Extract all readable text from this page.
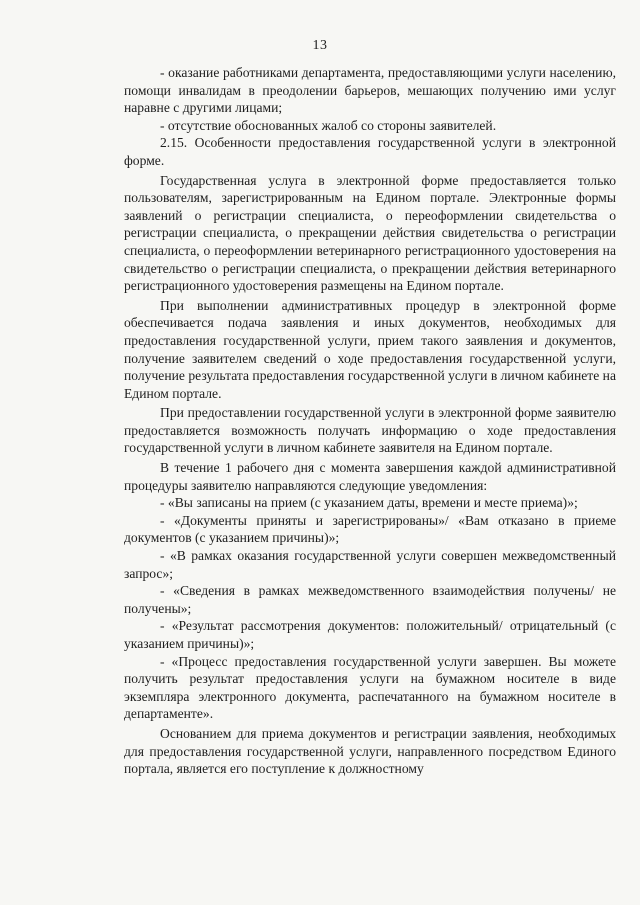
13

- оказание работниками департамента, предоставляющими услуги населению, помощи инвалидам в преодолении барьеров, мешающих получению ими услуг наравне с другими лицами;

- отсутствие обоснованных жалоб со стороны заявителей.

2.15. Особенности предоставления государственной услуги в электронной форме.

Государственная услуга в электронной форме предоставляется только пользователям, зарегистрированным на Едином портале. Электронные формы заявлений о регистрации специалиста, о переоформлении свидетельства о регистрации специалиста, о прекращении действия свидетельства о регистрации специалиста, о переоформлении ветеринарного регистрационного удостоверения на свидетельство о регистрации специалиста, о прекращении действия ветеринарного регистрационного удостоверения размещены на Едином портале.

При выполнении административных процедур в электронной форме обеспечивается подача заявления и иных документов, необходимых для предоставления государственной услуги, прием такого заявления и документов, получение заявителем сведений о ходе предоставления государственной услуги, получение результата предоставления государственной услуги в личном кабинете на Едином портале.

При предоставлении государственной услуги в электронной форме заявителю предоставляется возможность получать информацию о ходе предоставления государственной услуги в личном кабинете заявителя на Едином портале.

В течение 1 рабочего дня с момента завершения каждой административной процедуры заявителю направляются следующие уведомления:

- «Вы записаны на прием (с указанием даты, времени и месте приема)»;

- «Документы приняты и зарегистрированы»/ «Вам отказано в приеме документов (с указанием причины)»;

- «В рамках оказания государственной услуги совершен межведомственный запрос»;

- «Сведения в рамках межведомственного взаимодействия получены/ не получены»;

- «Результат рассмотрения документов: положительный/ отрицательный (с указанием причины)»;

- «Процесс предоставления государственной услуги завершен. Вы можете получить результат предоставления услуги на бумажном носителе в виде экземпляра электронного документа, распечатанного на бумажном носителе в департаменте».

Основанием для приема документов и регистрации заявления, необходимых для предоставления государственной услуги, направленного посредством Единого портала, является его поступление к должностному
